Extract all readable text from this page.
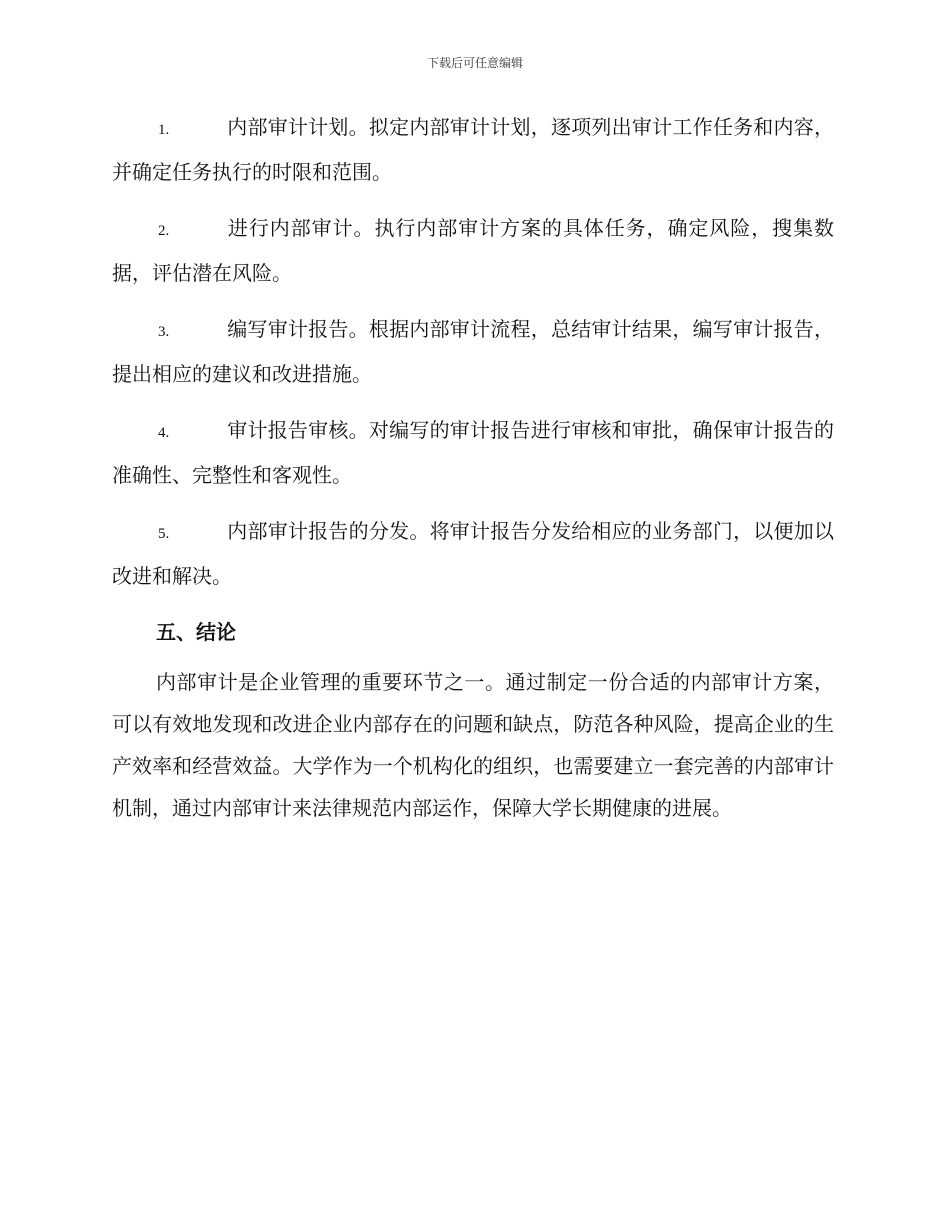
下载后可任意编辑

1.	内部审计计划。拟定内部审计计划，逐项列出审计工作任务和内容，并确定任务执行的时限和范围。

2.	进行内部审计。执行内部审计方案的具体任务，确定风险，搜集数据，评估潜在风险。

3.	编写审计报告。根据内部审计流程，总结审计结果，编写审计报告，提出相应的建议和改进措施。

4.	审计报告审核。对编写的审计报告进行审核和审批，确保审计报告的准确性、完整性和客观性。

5.	内部审计报告的分发。将审计报告分发给相应的业务部门，以便加以改进和解决。

五、结论

内部审计是企业管理的重要环节之一。通过制定一份合适的内部审计方案，可以有效地发现和改进企业内部存在的问题和缺点，防范各种风险，提高企业的生产效率和经营效益。大学作为一个机构化的组织，也需要建立一套完善的内部审计机制，通过内部审计来法律规范内部运作，保障大学长期健康的进展。
